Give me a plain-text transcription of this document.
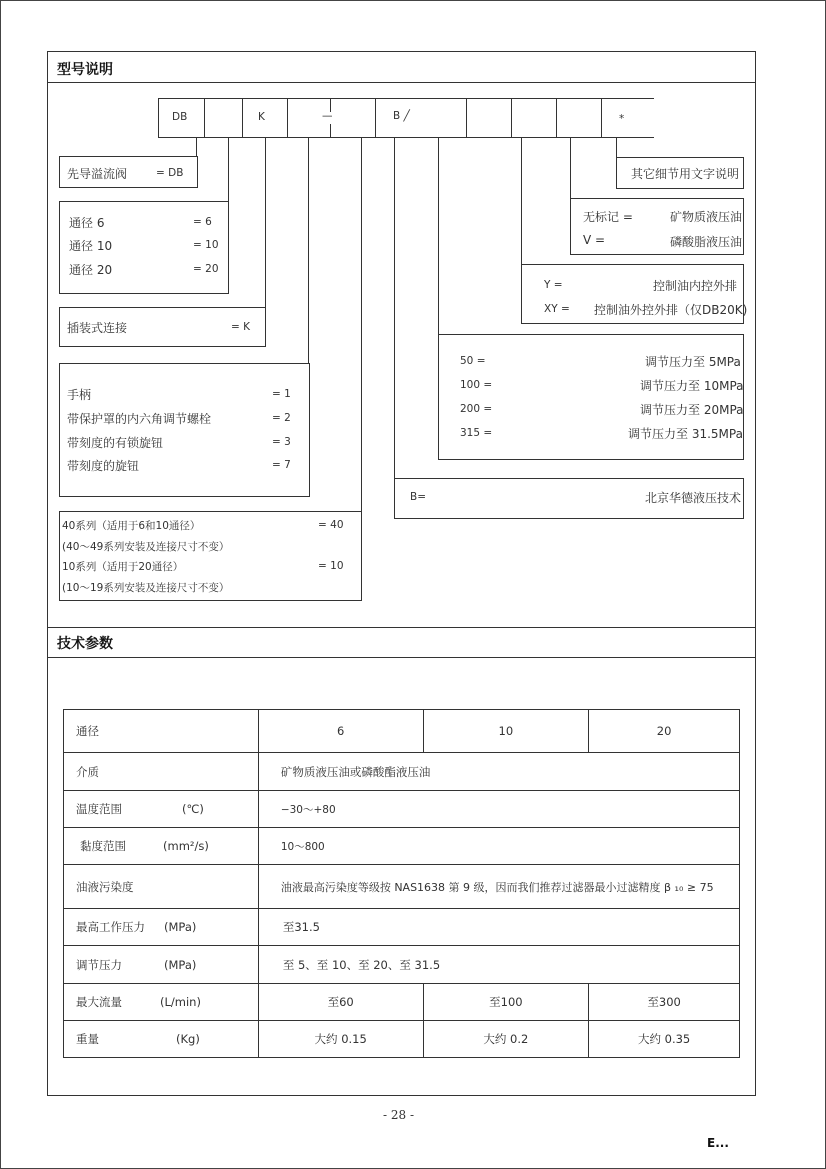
型号说明
技术参数
DB	K	—	B ╱	*
先导溢流阀	= DB
通径 6	= 6
通径 10	= 10
通径 20	= 20
插装式连接	= K
手柄	= 1
带保护罩的内六角调节螺栓	= 2
带刻度的有锁旋钮	= 3
带刻度的旋钮	= 7
40系列（适用于6和10通径）	= 40
(40～49系列安装及连接尺寸不变）
10系列（适用于20通径）	= 10
(10～19系列安装及连接尺寸不变）
其它细节用文字说明
无标记 =	矿物质液压油
V =	磷酸脂液压油
Y =	控制油内控外排
XY = 控制油外控外排（仅DB20K)
50 =	调节压力至 5MPa
100 =	调节压力至 10MPa
200 =	调节压力至 20MPa
315 =	调节压力至 31.5MPa
B=	北京华德液压技术
通径	6	10	20
介质	矿物质液压油或磷酸酯液压油		
温度范围 (℃)	−30～+80		
黏度范围 (mm²/s)	10～800		
油液污染度	油液最高污染度等级按 NAS1638 第 9 级，因而我们推荐过滤器最小过滤精度 β ₁₀ ≥ 75		
最高工作压力 (MPa)	至31.5		
调节压力 (MPa)	至 5、至 10、至 20、至 31.5		
最大流量 (L/min)	至60	至100	至300
重量 (Kg)	大约 0.15	大约 0.2	大约 0.35
- 28 -
E...
